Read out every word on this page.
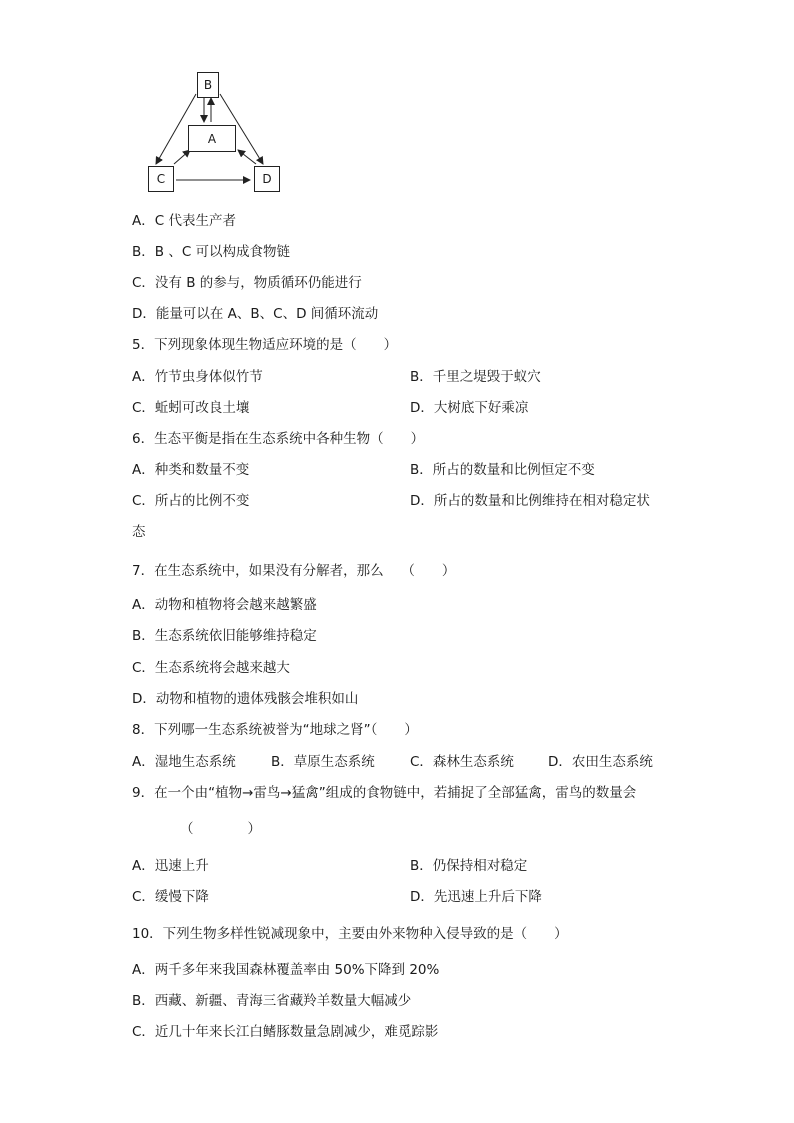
B
A
C	D
A．C 代表生产者
B．B 、C 可以构成食物链
C．没有 B 的参与，物质循环仍能进行
D．能量可以在 A、B、C、D 间循环流动
5．下列现象体现生物适应环境的是（　　）
A．竹节虫身体似竹节	B．千里之堤毁于蚁穴
C．蚯蚓可改良土壤	D．大树底下好乘凉
6．生态平衡是指在生态系统中各种生物（　　）
A．种类和数量不变	B．所占的数量和比例恒定不变
C．所占的比例不变	D．所占的数量和比例维持在相对稳定状
态
7．在生态系统中，如果没有分解者，那么　 （　　）
A．动物和植物将会越来越繁盛
B．生态系统依旧能够维持稳定
C．生态系统将会越来越大
D．动物和植物的遗体残骸会堆积如山
8．下列哪一生态系统被誉为“地球之肾”（　　）
A．湿地生态系统	B．草原生态系统	C．森林生态系统	D．农田生态系统
9．在一个由“植物→雷鸟→猛禽”组成的食物链中，若捕捉了全部猛禽，雷鸟的数量会
（　　　　）
A．迅速上升	B．仍保持相对稳定
C．缓慢下降	D．先迅速上升后下降
10．下列生物多样性锐减现象中，主要由外来物种入侵导致的是（　　）
A．两千多年来我国森林覆盖率由 50%下降到 20%
B．西藏、新疆、青海三省藏羚羊数量大幅减少
C．近几十年来长江白鳍豚数量急剧减少，难觅踪影
